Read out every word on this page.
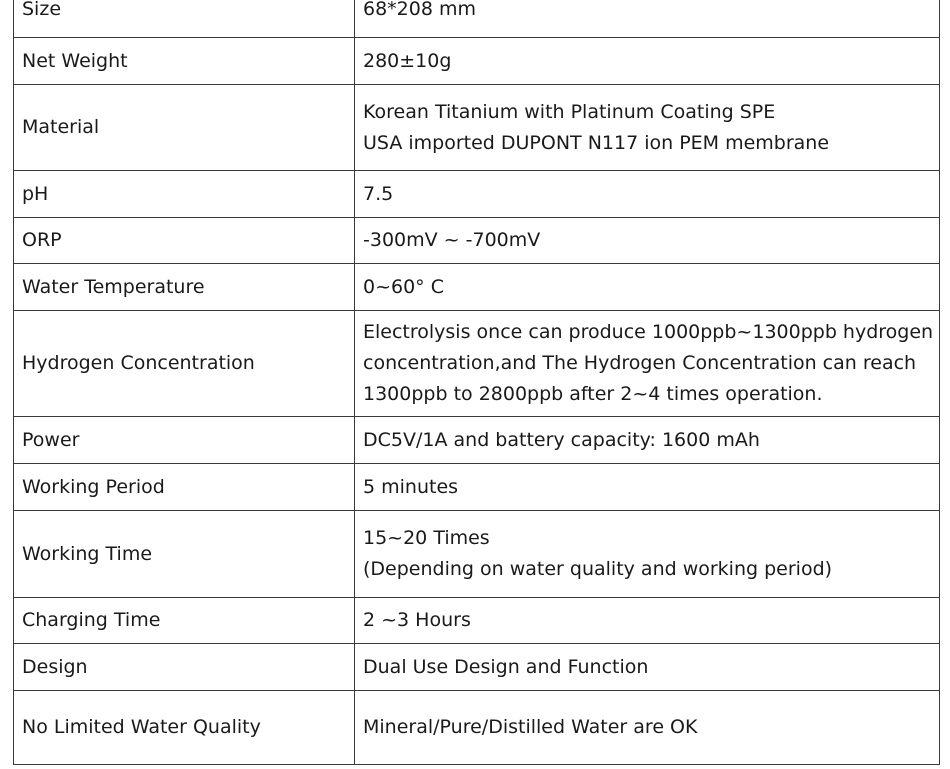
Size	68*208 mm

Net Weight	280±10g

Material	Korean Titanium with Platinum Coating SPE
USA imported DUPONT N117 ion PEM membrane

pH	7.5

ORP	-300mV ~ -700mV

Water Temperature	0~60° C

Hydrogen Concentration	Electrolysis once can produce 1000ppb~1300ppb hydrogen
concentration,and The Hydrogen Concentration can reach
1300ppb to 2800ppb after 2~4 times operation.

Power	DC5V/1A and battery capacity: 1600 mAh

Working Period	5 minutes

Working Time	15~20 Times
(Depending on water quality and working period)

Charging Time	2 ~3 Hours

Design	Dual Use Design and Function

No Limited Water Quality	Mineral/Pure/Distilled Water are OK
